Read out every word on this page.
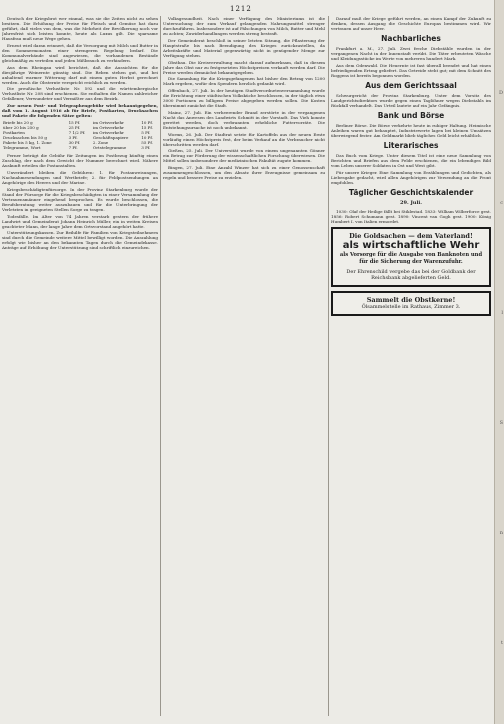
1212

Deutsch der Kriegsbrot wer einmal, was sie die Zeiten nicht zu sehen besitzen. Die Erhöhung der Preise für Fleisch und Gemüse hat dazu geführt, daß vieles von dem, was die Mehrheit der Bevölkerung noch vor Jahresfrist sich leisten konnte, heute als Luxus gilt. Die sparsame Hausfrau muß neue Wege gehen.

Erneut wird daran erinnert, daß die Versorgung mit Milch und Butter in den Sommermonaten einer strengeren Regelung bedarf. Die Kommunalverbände sind angewiesen, die vorhandenen Bestände gleichmäßig zu verteilen und jeden Mißbrauch zu verhindern.

Aus dem Rheingau wird berichtet, daß die Aussichten für die diesjährige Weinernte günstig sind. Die Reben stehen gut, und bei anhaltend warmer Witterung darf mit einem guten Herbst gerechnet werden. Auch die Obsternte verspricht reichlich zu werden.

Die preußische Verlustliste Nr. 592 und die württembergische Verlustliste Nr. 208 sind erschienen. Sie enthalten die Namen zahlreicher Gefallener, Verwundeter und Vermißter aus dem Bezirk.

Zur neuen Post- und Telegraphengebühr wird bekanntgegeben, daß vom 1. August 1916 ab für Briefe, Postkarten, Drucksachen und Pakete die folgenden Sätze gelten:

Briefe bis 20 g	15 Pf.	im Ortsverkehr	10 Pf.
über 20 bis 250 g	25 Pf.	im Ortsverkehr	15 Pf.
Postkarten	7 1/2 Pf.	im Ortsverkehr	5 Pf.
Drucksachen bis 50 g	3 Pf.	Geschäftspapiere	10 Pf.
Pakete bis 5 kg, 1. Zone	30 Pf.	2. Zone	55 Pf.
Telegramme, Wort	7 Pf.	Ortstelegramme	3 Pf.

Ferner beträgt die Gebühr für Zeitungen im Postbezug künftig einen Zuschlag, der nach dem Gewicht der Nummer berechnet wird. Nähere Auskunft erteilen die Postanstalten.

Unverändert bleiben die Gebühren: 1. für Postanweisungen, Nachnahmesendungen und Wertbriefe; 2. für Feldpostsendungen an Angehörige des Heeres und der Marine.

Kriegsbeschädigtenfürsorge. In der Provinz Starkenburg wurde der Stand der Fürsorge für die Kriegsbeschädigten in einer Versammlung der Vertrauensmänner eingehend besprochen. Es wurde beschlossen, die Berufsberatung weiter auszubauen und für die Unterbringung der Verletzten in geeigneten Stellen Sorge zu tragen.

Todesfälle. Im Alter von 74 Jahren verstarb gestern der frühere Landwirt und Gemeinderat Johann Heinrich Müller, ein in weiten Kreisen geachteter Mann, der lange Jahre dem Ortsvorstand angehört hatte.

Unterstützungskassen. Zur Beihilfe für Familien von Kriegsteilnehmern sind durch die Gemeinde weitere Mittel bewilligt worden. Die Auszahlung erfolgt wie bisher an den bekannten Tagen durch die Gemeindekasse. Anträge auf Erhöhung der Unterstützung sind schriftlich einzureichen.

Volksgesundheit. Nach einer Verfügung des Ministeriums ist die Untersuchung der zum Verkauf gelangenden Nahrungsmittel strenger durchzuführen. Insbesondere ist auf Fälschungen von Milch, Butter und Mehl zu achten; Zuwiderhandlungen werden streng bestraft.

Der Gemeinderat beschloß in seiner letzten Sitzung, die Pflasterung der Hauptstraße bis nach Beendigung des Krieges zurückzustellen, da Arbeitskräfte und Material gegenwärtig nicht in genügender Menge zur Verfügung stehen.

Obstbau. Die Kreisverwaltung macht darauf aufmerksam, daß in diesem Jahre das Obst nur zu festgesetzten Höchstpreisen verkauft werden darf. Die Preise werden demnächst bekanntgegeben.

Die Sammlung für die Kriegsgefangenen hat bisher den Betrag von 1200 Mark ergeben, wofür den Spendern herzlich gedankt wird.

Offenbach, 27. Juli. In der heutigen Stadtverordnetenversammlung wurde die Errichtung einer städtischen Volksküche beschlossen, in der täglich etwa 3000 Portionen zu billigem Preise abgegeben werden sollen. Die Kosten übernimmt zunächst die Stadt.

Mainz, 27. Juli. Ein verheerender Brand zerstörte in der vergangenen Nacht das Anwesen des Landwirts Schmitt in der Vorstadt. Das Vieh konnte gerettet werden, doch verbrannten erhebliche Futtervorräte. Die Entstehungsursache ist noch unbekannt.

Worms, 26. Juli. Der Stadtrat setzte für Kartoffeln aus der neuen Ernte vorläufig einen Höchstpreis fest, der beim Verkauf an die Verbraucher nicht überschritten werden darf.

Gießen, 25. Juli. Der Universität wurde von einem ungenannten Gönner ein Betrag zur Förderung der wissenschaftlichen Forschung überwiesen. Die Mittel sollen insbesondere der medizinischen Fakultät zugute kommen.

Bingen, 27. Juli. Eine Anzahl Winzer hat sich zu einer Genossenschaft zusammengeschlossen, um den Absatz ihrer Erzeugnisse gemeinsam zu regeln und bessere Preise zu erzielen.

Darauf muß der Kriege geführt werden, an einen Kampf der Zukunft zu denken, dessen Ausgang die Geschichte Europas bestimmen wird. Wir vertrauen auf unser Heer.

Nachbarliches

Frankfurt a. M., 27. Juli. Zwei freche Diebstähle wurden in der vergangenen Nacht in der Innenstadt verübt. Die Täter erbeuteten Wäsche und Kleidungsstücke im Werte von mehreren hundert Mark.

Aus dem Odenwald. Die Heuernte ist fast überall beendet und hat einen befriedigenden Ertrag geliefert. Das Getreide steht gut; mit dem Schnitt des Roggens ist bereits begonnen worden.

Aus dem Gerichtssaal

Schwurgericht der Provinz Starkenburg. Unter dem Vorsitz des Landgerichtsdirektors wurde gegen einen Taglöhner wegen Diebstahls im Rückfall verhandelt. Das Urteil lautete auf ein Jahr Gefängnis.

Bank und Börse

Berliner Börse. Die Börse verkehrte heute in ruhiger Haltung. Heimische Anleihen waren gut behauptet, Industriewerte lagen bei kleinen Umsätzen überwiegend fester. Am Geldmarkt blieb tägliches Geld leicht erhältlich.

Literarisches

Das Buch vom Kriege. Unter diesem Titel ist eine neue Sammlung von Berichten und Briefen aus dem Felde erschienen, die ein lebendiges Bild vom Leben unserer Soldaten in Ost und West gibt.

Für unsere Krieger. Eine Sammlung von Erzählungen und Gedichten, als Liebesgabe gedacht, wird allen Angehörigen zur Versendung an die Front empfohlen.

Täglicher Geschichtskalender
29. Juli.

1030: Olaf der Heilige fällt bei Stiklestad. 1833: William Wilberforce gest. 1856: Robert Schumann gest. 1890: Vincent van Gogh gest. 1900: König Humbert I. von Italien ermordet.

Die Goldsachen — dem Vaterland!
als wirtschaftliche Wehr
als Vorsorge für die Ausgabe von Banknoten und für die Sicherung der Warenzufuhr.
Der Ehrenschild vergebe das bei der Goldbank der Reichsbank abgelieferten Geld.
Sammelt die Obstkerne!
Ölsammelstelle im Rathaus, Zimmer 3.
D
c
l
S
n
t
